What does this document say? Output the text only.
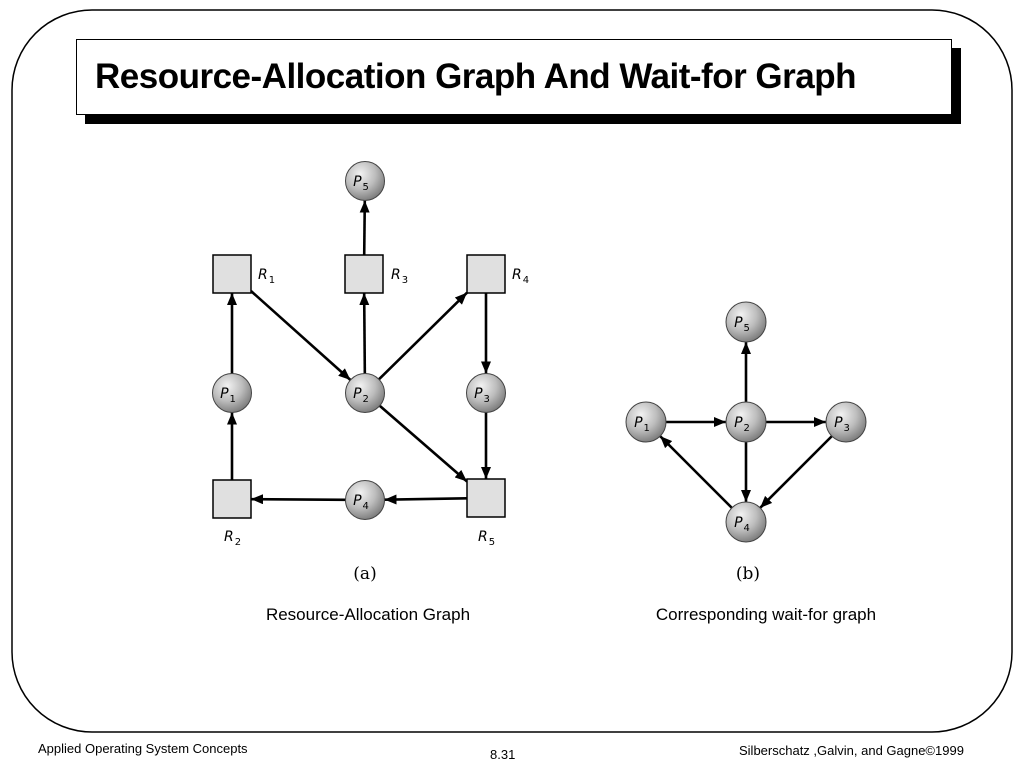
Resource-Allocation Graph And Wait-for Graph
$R_1$
$R_2$
$R_3$	$R_4$
$R_5$
$P_1$	$P_2$	$P_3$
$P_4$
$P_5$
$P_1$	$P_2$	$P_3$
$P_4$
$P_5$
(a)	(b)
Resource-Allocation Graph	Corresponding wait-for graph
Applied Operating System Concepts	8.31	Silberschatz ,Galvin, and Gagne©1999
